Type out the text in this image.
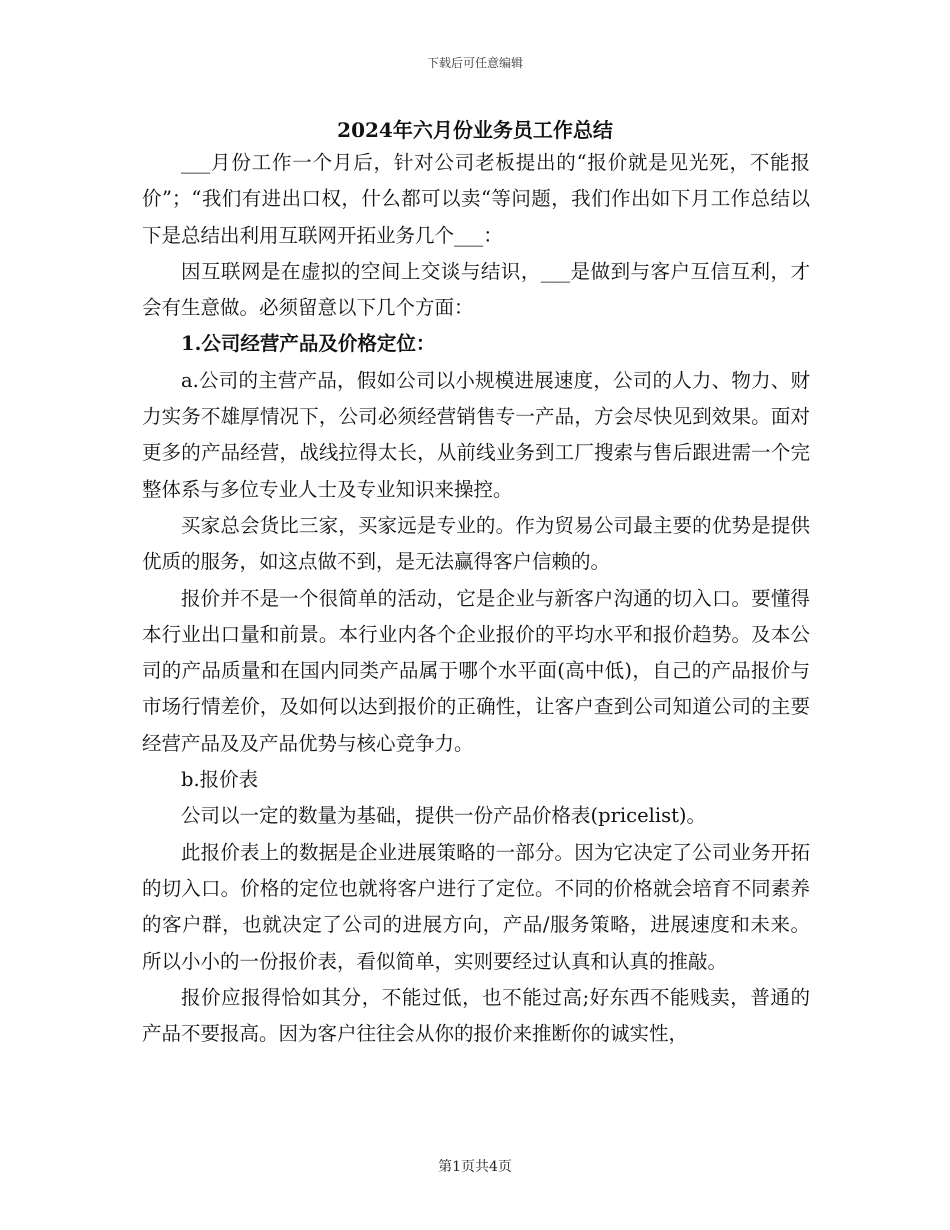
下载后可任意编辑
2024年六月份业务员工作总结

___月份工作一个月后，针对公司老板提出的“报价就是见光死，不能报价”；“我们有进出口权，什么都可以卖“等问题，我们作出如下月工作总结以下是总结出利用互联网开拓业务几个___：

因互联网是在虚拟的空间上交谈与结识，___是做到与客户互信互利，才会有生意做。必须留意以下几个方面：

1.公司经营产品及价格定位：

a.公司的主营产品，假如公司以小规模进展速度，公司的人力、物力、财力实务不雄厚情况下，公司必须经营销售专一产品，方会尽快见到效果。面对更多的产品经营，战线拉得太长，从前线业务到工厂搜索与售后跟进需一个完整体系与多位专业人士及专业知识来操控。

买家总会货比三家，买家远是专业的。作为贸易公司最主要的优势是提供优质的服务，如这点做不到，是无法赢得客户信赖的。

报价并不是一个很简单的活动，它是企业与新客户沟通的切入口。要懂得本行业出口量和前景。本行业内各个企业报价的平均水平和报价趋势。及本公司的产品质量和在国内同类产品属于哪个水平面(高中低)，自己的产品报价与市场行情差价，及如何以达到报价的正确性，让客户查到公司知道公司的主要经营产品及及产品优势与核心竞争力。

b.报价表

公司以一定的数量为基础，提供一份产品价格表(pricelist)。

此报价表上的数据是企业进展策略的一部分。因为它决定了公司业务开拓的切入口。价格的定位也就将客户进行了定位。不同的价格就会培育不同素养的客户群，也就决定了公司的进展方向，产品/服务策略，进展速度和未来。所以小小的一份报价表，看似简单，实则要经过认真和认真的推敲。

报价应报得恰如其分，不能过低，也不能过高;好东西不能贱卖，普通的产品不要报高。因为客户往往会从你的报价来推断你的诚实性，

第1页共4页
